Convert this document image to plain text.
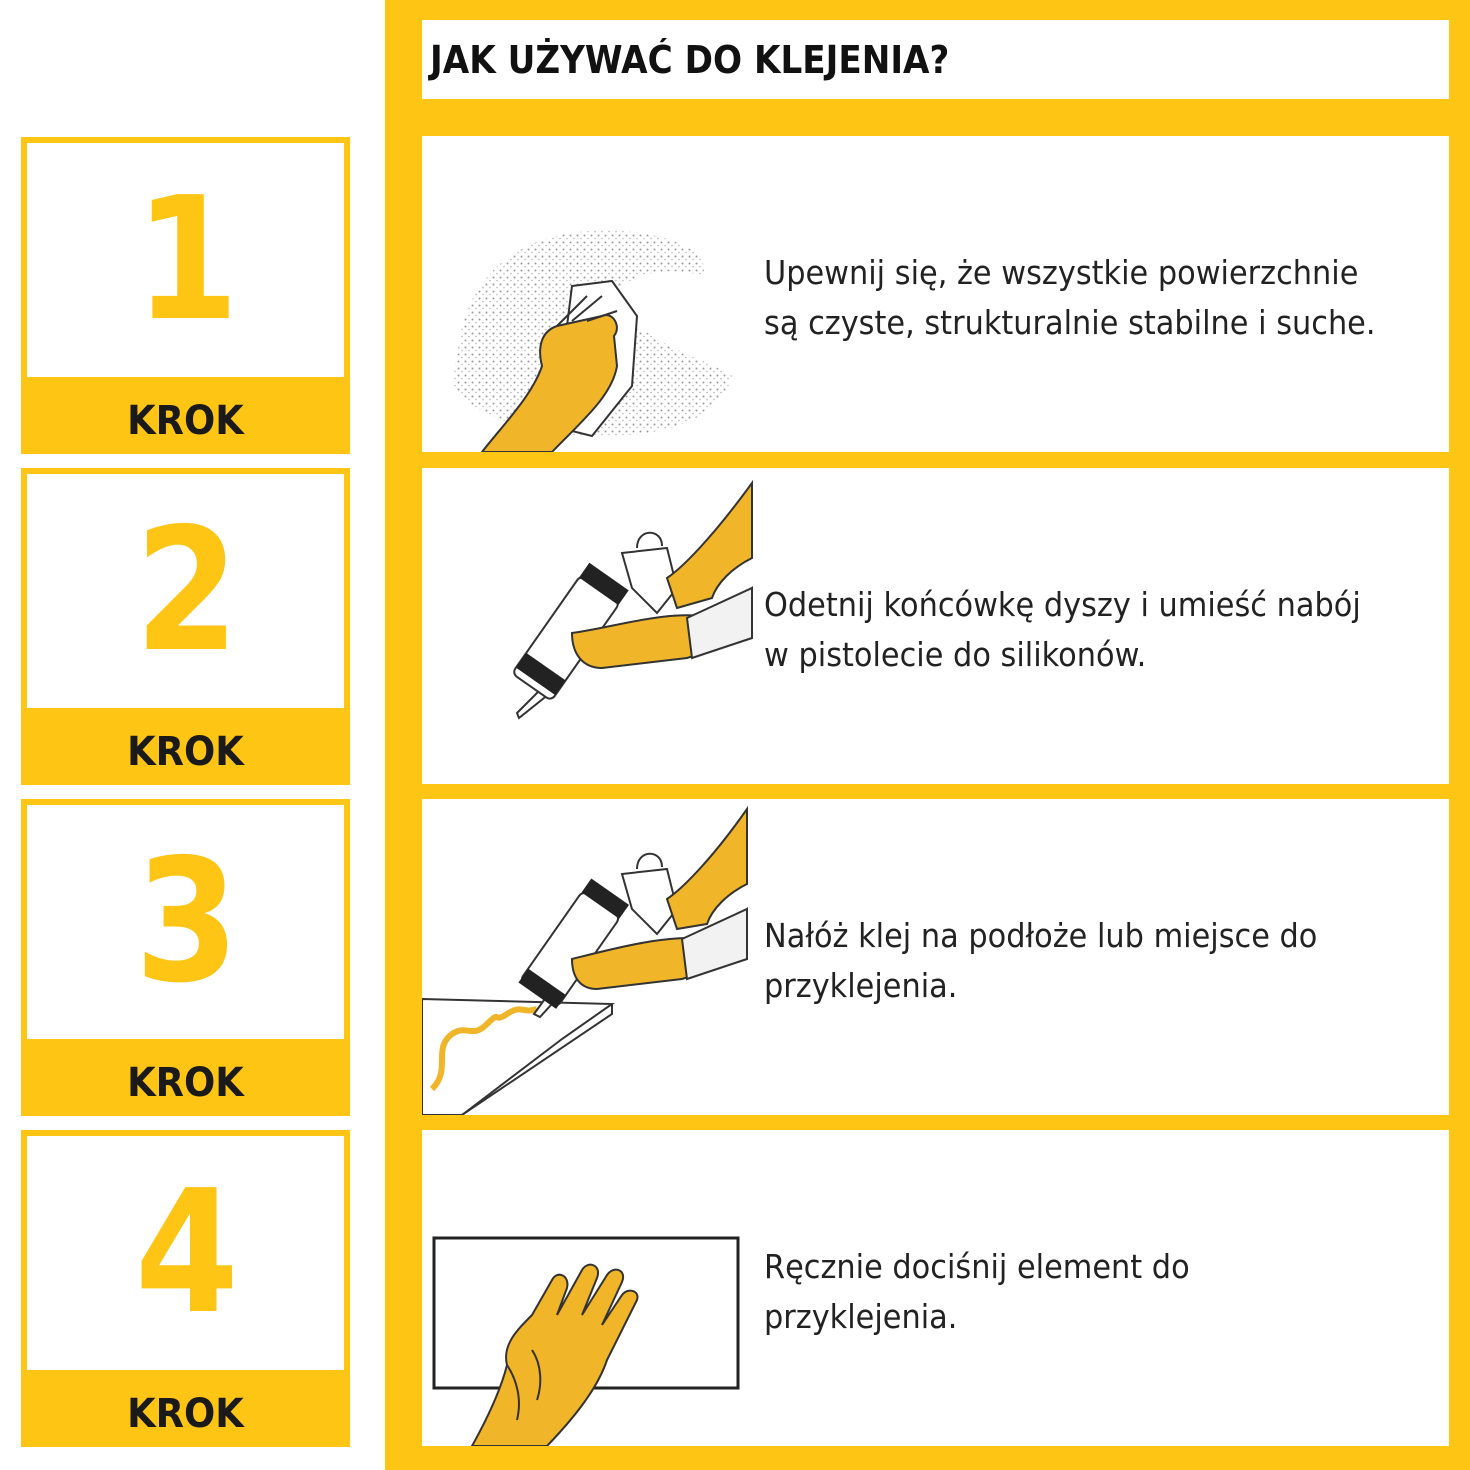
1
KROK
2
KROK
3
KROK
4
KROK
JAK UŻYWAĆ DO KLEJENIA?

Upewnij się, że wszystkie powierzchnie są czyste, strukturalnie stabilne i suche.

Odetnij końcówkę dyszy i umieść nabój w pistolecie do silikonów.

Nałóż klej na podłoże lub miejsce do przyklejenia.

Ręcznie dociśnij element do przyklejenia.
